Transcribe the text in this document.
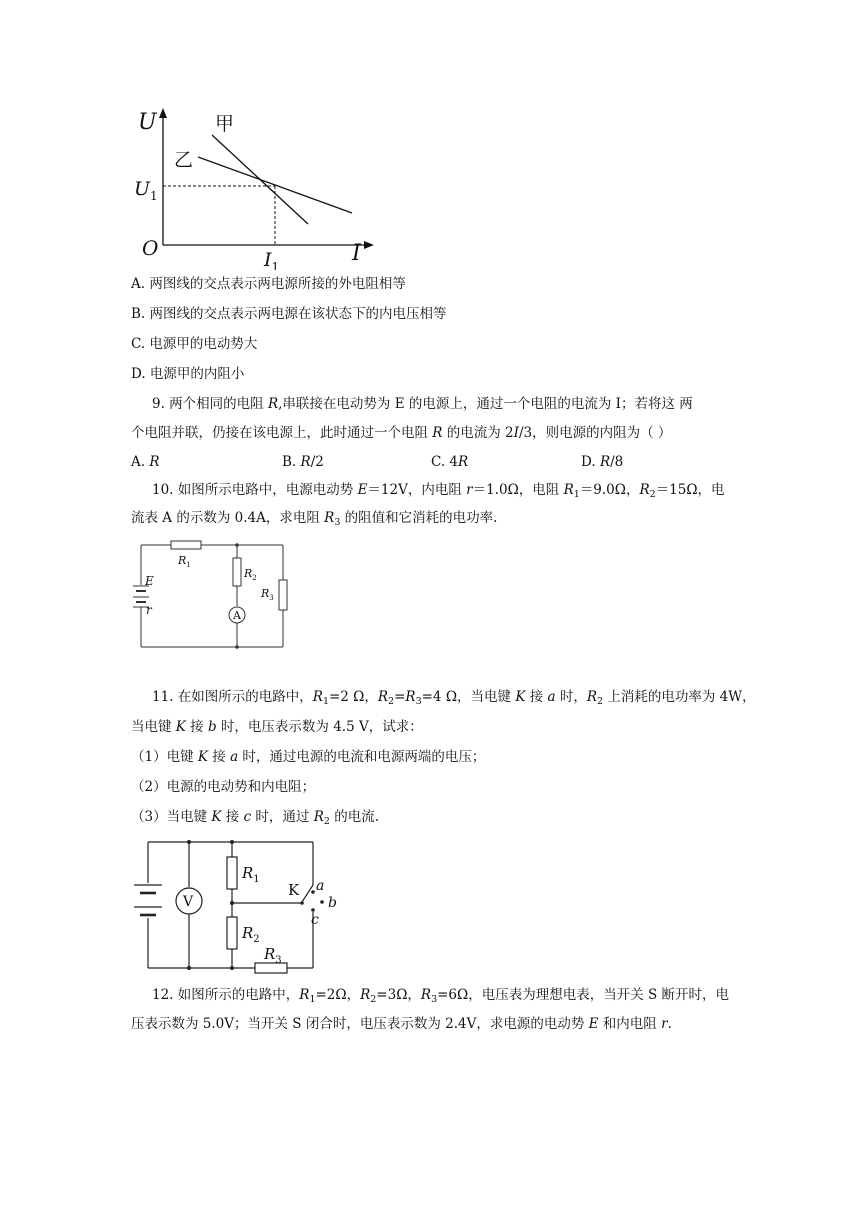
U
I
O
$U_1$
$I_1$
甲
乙
A. 两图线的交点表示两电源所接的外电阻相等
B. 两图线的交点表示两电源在该状态下的内电压相等
C. 电源甲的电动势大
D. 电源甲的内阻小
9. 两个相同的电阻 R,串联接在电动势为 E 的电源上，通过一个电阻的电流为 I；若将这 两
个电阻并联，仍接在该电源上，此时通过一个电阻 R 的电流为 2I/3，则电源的内阻为（ ）
A. R	B. R/2	C. 4R	D. R/8
10. 如图所示电路中，电源电动势 E＝12V，内电阻 r＝1.0Ω，电阻 $R_1=9.0\Omega$，$R_2=15\Omega$，电
流表 A 的示数为 0.4A，求电阻 $R_3$ 的阻值和它消耗的电功率.
$R_1$
$R_2$
$R_3$
E
r	A
11. 在如图所示的电路中，$R_1=2$ Ω，$R_2=R_3=4$ Ω，当电键 K 接 a 时，$R_2$ 上消耗的电功率为 4W，
当电键 K 接 b 时，电压表示数为 4.5 V，试求：
（1）电键 K 接 a 时，通过电源的电流和电源两端的电压；
（2）电源的电动势和内电阻；
（3）当电键 K 接 c 时，通过 $R_2$ 的电流.
V
$R_1$
$R_2$
$R_3$
K a
b
c
12. 如图所示的电路中，$R_1=2\Omega$，$R_2=3\Omega$，$R_3=6\Omega$，电压表为理想电表，当开关 S 断开时，电
压表示数为 5.0V；当开关 S 闭合时，电压表示数为 2.4V，求电源的电动势 E 和内电阻 r.
